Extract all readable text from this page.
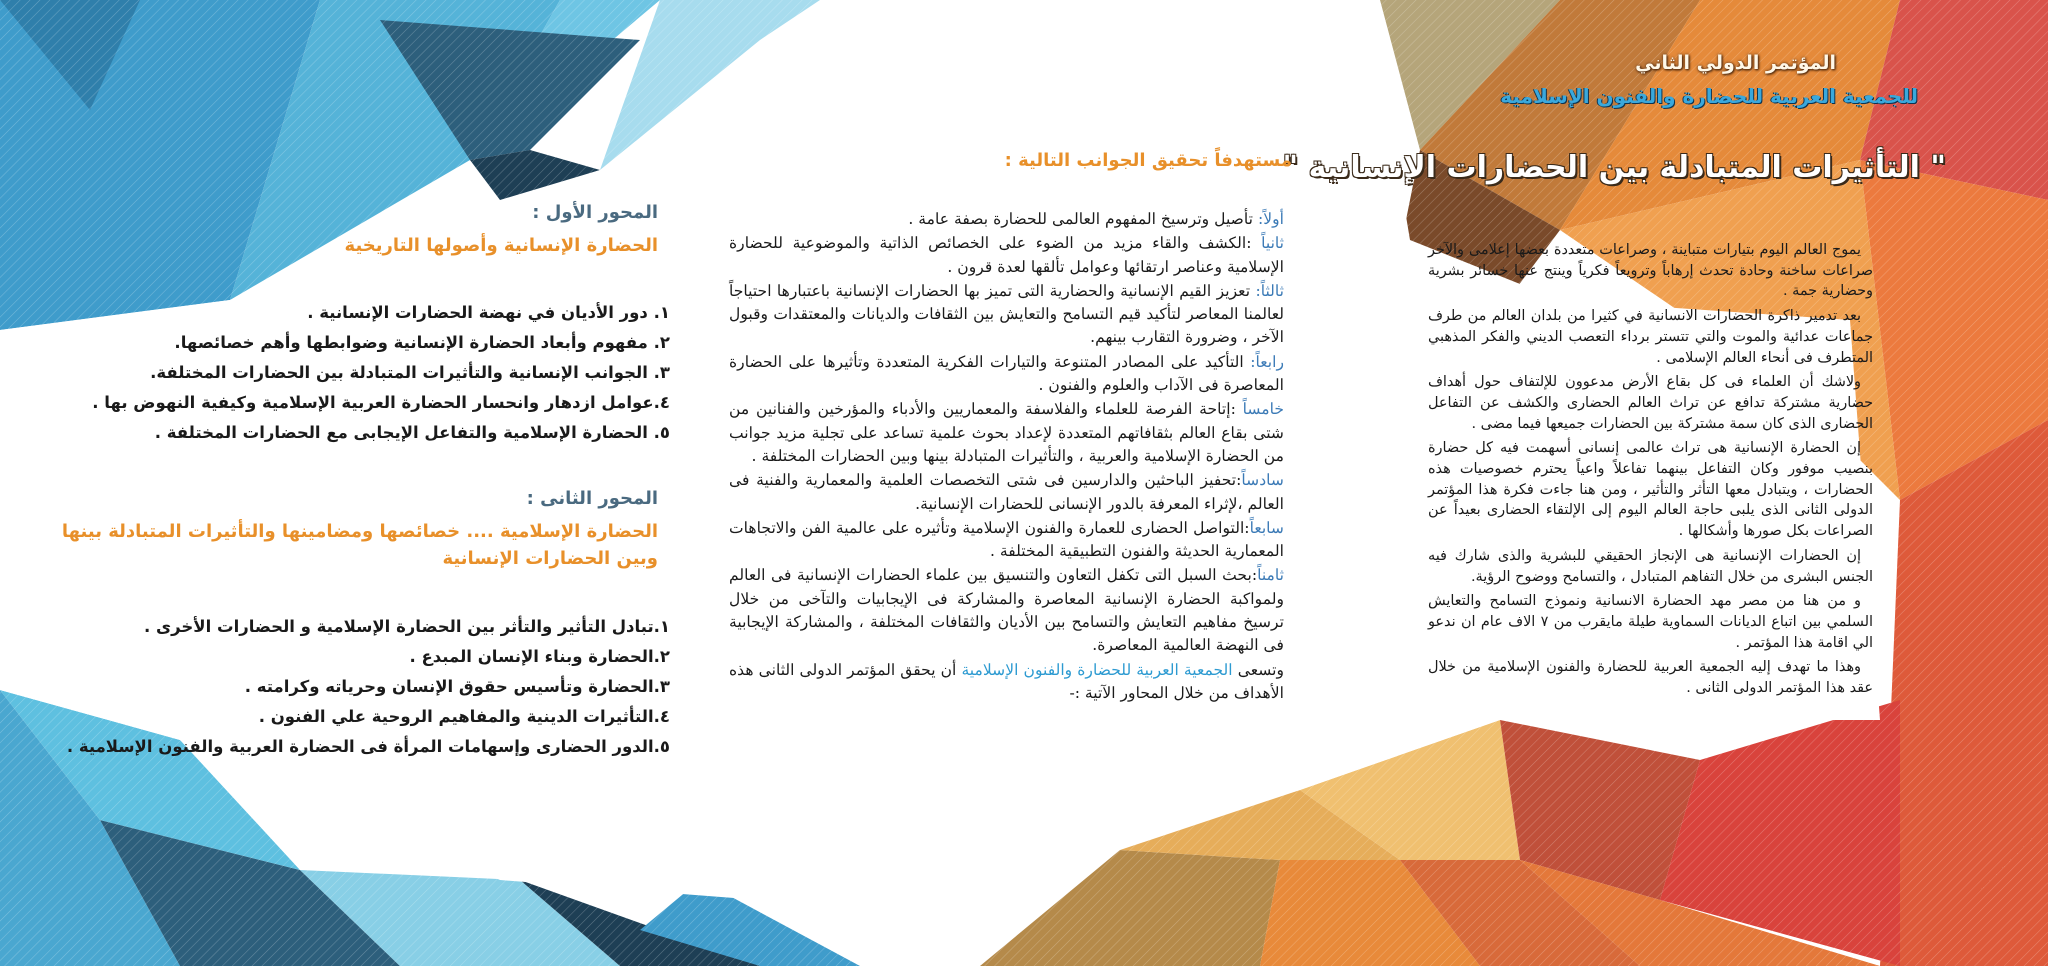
المؤتمر الدولي الثاني
للجمعية العربية للحضارة والفنون الإسلامية
" التأثيرات المتبادلة بين الحضارات الإنسانية "

يموج العالم اليوم بتيارات متباينة ، وصراعات متعددة بعضها إعلامى والآخر صراعات ساخنة وحادة تحدث إرهاباً وترويعاً فكرياً وينتج عنها خسائر بشرية وحضارية جمة .

بعد تدمير ذاكرة الحضارات الانسانية في كثيرا من بلدان العالم من طرف جماعات عدائية والموت والتي تتستر برداء التعصب الديني والفكر المذهبي المتطرف فى أنحاء العالم الإسلامى .

ولاشك أن العلماء فى كل بقاع الأرض مدعوون للإلتفاف حول أهداف حضارية مشتركة تدافع عن تراث العالم الحضارى والكشف عن التفاعل الحضارى الذى كان سمة مشتركة بين الحضارات جميعها فيما مضى .

إن الحضارة الإنسانية هى تراث عالمى إنسانى أسهمت فيه كل حضارة بنصيب موفور وكان التفاعل بينهما تفاعلاً واعياً يحترم خصوصيات هذه الحضارات ، ويتبادل معها التأثر والتأثير ، ومن هنا جاءت فكرة هذا المؤتمر الدولى الثانى الذى يلبى حاجة العالم اليوم إلى الإلتقاء الحضارى بعيداً عن الصراعات بكل صورها وأشكالها .

إن الحضارات الإنسانية هى الإنجاز الحقيقي للبشرية والذى شارك فيه الجنس البشرى من خلال التفاهم المتبادل ، والتسامح ووضوح الرؤية.

و من هنا من مصر مهد الحضارة الانسانية ونموذج التسامح والتعايش السلمي بين اتباع الديانات السماوية طيلة مايقرب من ٧ الاف عام ان ندعو الي اقامة هذا المؤتمر .

وهذا ما تهدف إليه الجمعية العربية للحضارة والفنون الإسلامية من خلال عقد هذا المؤتمر الدولى الثانى .

مستهدفاً تحقيق الجوانب التالية :

أولاً: تأصيل وترسيخ المفهوم العالمى للحضارة بصفة عامة .

ثانياً :الكشف والقاء مزيد من الضوء على الخصائص الذاتية والموضوعية للحضارة الإسلامية وعناصر ارتقائها وعوامل تألقها لعدة قرون .

ثالثاً: تعزيز القيم الإنسانية والحضارية التى تميز بها الحضارات الإنسانية باعتبارها احتياجاً لعالمنا المعاصر لتأكيد قيم التسامح والتعايش بين الثقافات والديانات والمعتقدات وقبول الآخر ، وضرورة التقارب بينهم.

رابعاً: التأكيد على المصادر المتنوعة والتيارات الفكرية المتعددة وتأثيرها على الحضارة المعاصرة فى الآداب والعلوم والفنون .

خامساً :إتاحة الفرصة للعلماء والفلاسفة والمعماريين والأدباء والمؤرخين والفنانين من شتى بقاع العالم بثقافاتهم المتعددة لإعداد بحوث علمية تساعد على تجلية مزيد جوانب من الحضارة الإسلامية والعربية ، والتأثيرات المتبادلة بينها وبين الحضارات المختلفة .

سادساً:تحفيز الباحثين والدارسين فى شتى التخصصات العلمية والمعمارية والفنية فى العالم ،لإثراء المعرفة بالدور الإنسانى للحضارات الإنسانية.

سابعاً:التواصل الحضارى للعمارة والفنون الإسلامية وتأثيره على عالمية الفن والاتجاهات المعمارية الحديثة والفنون التطبيقية المختلفة .

ثامناً:بحث السبل التى تكفل التعاون والتنسيق بين علماء الحضارات الإنسانية فى العالم ولمواكبة الحضارة الإنسانية المعاصرة والمشاركة فى الإيجابيات والتآخى من خلال ترسيخ مفاهيم التعايش والتسامح بين الأديان والثقافات المختلفة ، والمشاركة الإيجابية فى النهضة العالمية المعاصرة.

وتسعى الجمعية العربية للحضارة والفنون الإسلامية أن يحقق المؤتمر الدولى الثانى هذه الأهداف من خلال المحاور الآتية :-

المحور الأول :
الحضارة الإنسانية وأصولها التاريخية
١. دور الأديان في نهضة الحضارات الإنسانية .
٢. مفهوم وأبعاد الحضارة الإنسانية وضوابطها وأهم خصائصها.
٣. الجوانب الإنسانية والتأثيرات المتبادلة بين الحضارات المختلفة.
٤.عوامل ازدهار وانحسار الحضارة العربية الإسلامية وكيفية النهوض بها .
٥. الحضارة الإسلامية والتفاعل الإيجابى مع الحضارات المختلفة .
المحور الثانى :
الحضارة الإسلامية .... خصائصها ومضامينها والتأثيرات المتبادلة بينها وبين الحضارات الإنسانية
١.تبادل التأثير والتأثر بين الحضارة الإسلامية و الحضارات الأخرى .
٢.الحضارة وبناء الإنسان المبدع .
٣.الحضارة وتأسيس حقوق الإنسان وحرياته وكرامته .
٤.التأثيرات الدينية والمفاهيم الروحية علي الفنون .
٥.الدور الحضارى وإسهامات المرأة فى الحضارة العربية والفنون الإسلامية .
